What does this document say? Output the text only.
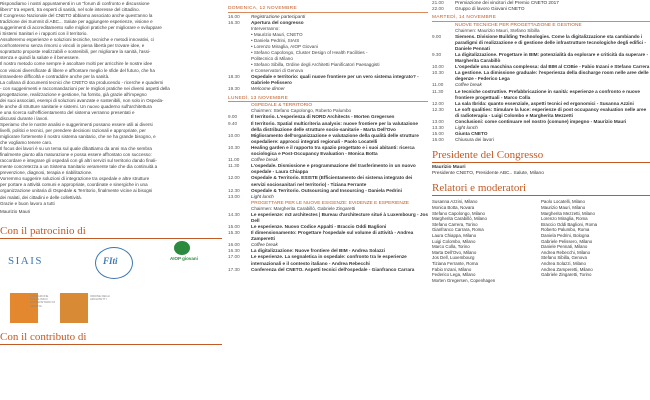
Rispondiamo i nostri appuntamenti in un "forum di confronto e discussione

libero" tra esperti, tra esperti di sanità, nel sole interesse del cittadino.

Il Congresso Nazionale del CNETO abbiamo associato anche quest'anno la

tradizione dei Summit di ABC... Salute per aggiungere esperienze, visione e

suggerimenti di accreditamento sulle migliori pratiche per migliorare e sviluppare

i Sistemi Sanitari e i rapporti con il territorio.

Assolteremo esperienze e soluzioni tecniche, tecniche e metodi innovativi, ci

confronteremo senza rimorsi o vincoli in piena libertà per trovare idee, e

soprattutto proposte realizzabili e sostenibili, per migliorare la sanità, l'assi-

stenza e quindi la salute e il benessere.

Il nostro metodo come sempre è ascoltare molti per arricchire le nostre idee

con visioni diversificate di libere e affrontare meglio le sfide del futuro, che ha

intravedere difficoltà e contraddire anche per la sanità.

La collana di documenti tecnici che CNETO sta producendo - ricerche e quaderni

- con suggerimenti e raccomandazioni per le migliori pratiche nei diversi aspetti della

progettazione, realizzazione e gestione, ha fornito, già grazie all'impegno

dei suoi associati, esempi di soluzioni avanzate e sostenibili, non solo in Ospeda-

le anche di strutture sanitarie e sistemi. Un nuovo quaderno sull'architettura

e una ricerca sull'efficientamento del sistema verranno presentati e

discussi durante i lavori.

Speriamo che le nostre analisi e suggerimenti possano essere utili ai diversi

livelli, politici e tecnici, per prendere decisioni razionali e appropriate, per

migliorare fortemente il nostro sistema sanitario, che ne ha grande bisogno, e

che vogliamo tenere caro.

Il focus dei lavori è su un tema sul quale dibattiamo da anni ma che sembra

finalmente giunto alla maturazione e possa essere affrontato con successo:

raccordare e integrare gli ospedali con gli altri servizi sul territorio dando finali-

mente concretezza a un Sistema Sanitario veramente tale che dia continuità a

prevenzione, diagnosi, terapia e riabilitazione.

Vorremmo suggerire soluzioni di integrazione tra ospedale e altre strutture

per portare a attività comuni e appropriate, coordinate e sinergiche in una

organizzazione unitaria di Ospedale & Territorio, finalmente vicine ai bisogni

dei malati, dei cittadini e delle collettività.

Grazie e buon lavoro a tutti

Maurizio Mauri
Con il patrocinio di
SIAIS	FIti	AIOP giovani
FONDAZIONE POLICLINICO UNIVERSITARIO DI GENOVA
ORDINE DEGLI ARCHITETTI
Con il contributo di
DOMENICA, 12 NOVEMBRE
16.00	Registrazione partecipanti
16.30	Apertura del congresso
Interverranno:
• Maurizio Mauri, CNETO
• Daniela Pedrini, SIAIS
• Lorenzo Miraglia, AIOP Giovani
• Stefano Capolongo, Cluster Design of Health Facilities -
Politecnico di Milano
• Stefano Sibilla, Ordine degli Architetti Pianificatori Paesaggisti
e Conservatori di Genova
18.30	Ospedale e territorio: quali nuove frontiere per un vero sistema integrato? - Gabriele Pelissero
19.30	Welcome dinner
LUNEDÌ, 13 NOVEMBRE
OSPEDALE & TERRITORIO
Chairmen: Stefano Capolongo, Roberto Palumbo
9.00	Il territorio. L'esperienza di NORD Architects - Morten Gregersen
9.40	Il territorio. Spatial multicriteria analysis: nuove frontiere per la valutazione della distribuzione delle strutture socio-sanitarie - Marta Dell'Ovo
10.00	Miglioramento dell'organizzazione e valutazione della qualità delle strutture ospedaliere: approcci integrati regionali - Paolo Locatelli
10.30	Healing garden e il rapporto tra spazio progettato e i suoi abitanti: ricerca sociologica e Post-Occupancy Evaluation - Monica Botta
11.00	Coffee break
11.30	L'ospedale. Dismissione e programmazione del trasferimento in un nuovo ospedale - Laura Chiappa
12.00	Ospedale & Territorio. ESISTE (Efficientamento dei sistema integrato dei servizi sociosanitari nel territorio) - Tiziana Ferrante
12.30	Ospedale & Territorio. Outsourcing and Insourcing - Daniela Pedrini
13.00	Light lunch
PROGETTARE PER LE NUOVE ESIGENZE: EVIDENZE E ESPERIENZE
Chairmen: Margherita Carabillò, Gabriele Zingaretti
14.30	Le esperienze: m3 architectes | Bureau d'architecture situé à Luxembourg - Jos Dell
15.00	Le esperienze. Nuovo Codice Appalti - Braccio Oddi Baglioni
15.30	Il dimensionamento: Progettare l'ospedale sul volume di attività - Andrea Zamperetti
16.00	Coffee break
16.30	La digitalizzazione: Nuove frontiere del BIM - Andrea Solazzi
17.00	Le esperienze. La segnaletica in ospedale: confronto tra le esperienze internazionali e il contesto italiano - Andrea Rebecchi
17.30	Conferenza del CNETO. Aspetti tecnici dell'ospedale - Gianfranco Carrara
21.00	Premiazione dei vincitori del Premio CNETO 2017
22.00	Gruppo di lavoro Giovani CNETO
MARTEDÌ, 14 NOVEMBRE
NUOVE TECNICHE PER PROGETTAZIONE E GESTIONE
Chairmen: Maurizio Mauri, Stefano Sibilla
9.00	Siemens. Divisione Building Technologies. Come la digitalizzazione sta cambiando i paradigmi di realizzazione e di gestione delle infrastrutture tecnologiche degli edifici - Daniele Pennati
9.30	La digitalizzazione. Progettare in BIM: potenzialità da esplorare e criticità da superare - Margherita Carabillò
10.00	L'ospedale una macchina complessa: dal BIM al COBie - Fabio Inzani e Stefano Carrera
10.30	La gestione. La dimissione graduale: l'esperienza della discharge room nelle aree delle degenze - Federico Lega
11.00	Coffee break
11.30	Le tecniche costruttive. Prefabbricazione in sanità: esperienze a confronto e nuove frontiere progettuali - Marco Colla
12.00	La sala Ibrida: quanto essenziale, aspetti tecnici ed ergonomici - Susanna Azzini
12.30	Le soft qualities: Simulare la luce: esperienze di post occupancy evaluation nelle aree di radioterapia - Luigi Colombo e Margherita Mezzetti
13.00	Conclusioni: come continuare nel nostro (comune) impegno - Maurizio Mauri
13.30	Light lunch
15.00	Giunta CNETO
16.00	Chiusura dei lavori
Presidente del Congresso
Maurizio Mauri
Presidente CNETO, Presidente ABC.. Salute, Milano
Relatori e moderatori
Susanna Azzini, Milano
Monica Botta, Novara
Stefano Capolongo, Milano
Margherita Carabillò, Milano
Stefano Carrera, Torino
Gianfranco Carrara, Roma
Laura Chiappa, Milano
Luigi Colombo, Milano
Marco Colla, Torino
Marta Dell'Ovo, Milano
Jos Dell, Luxembourg
Tiziana Ferrante, Roma
Fabio Inzani, Milano
Federico Lega, Milano
Morten Gregersen, Copenhagen
Paolo Locatelli, Milano
Maurizio Mauri, Milano
Margherita Mezzetti, Milano
Lorenzo Miraglia, Roma
Braccio Oddi Baglioni, Roma
Roberto Palumbo, Roma
Daniela Pedrini, Bologna
Gabriele Pelissero, Milano
Daniele Pennati, Milano
Andrea Rebecchi, Milano
Stefano Sibilla, Genova
Andrea Solazzi, Milano
Andrea Zamperetti, Milano
Gabriele Zingaretti, Torino
